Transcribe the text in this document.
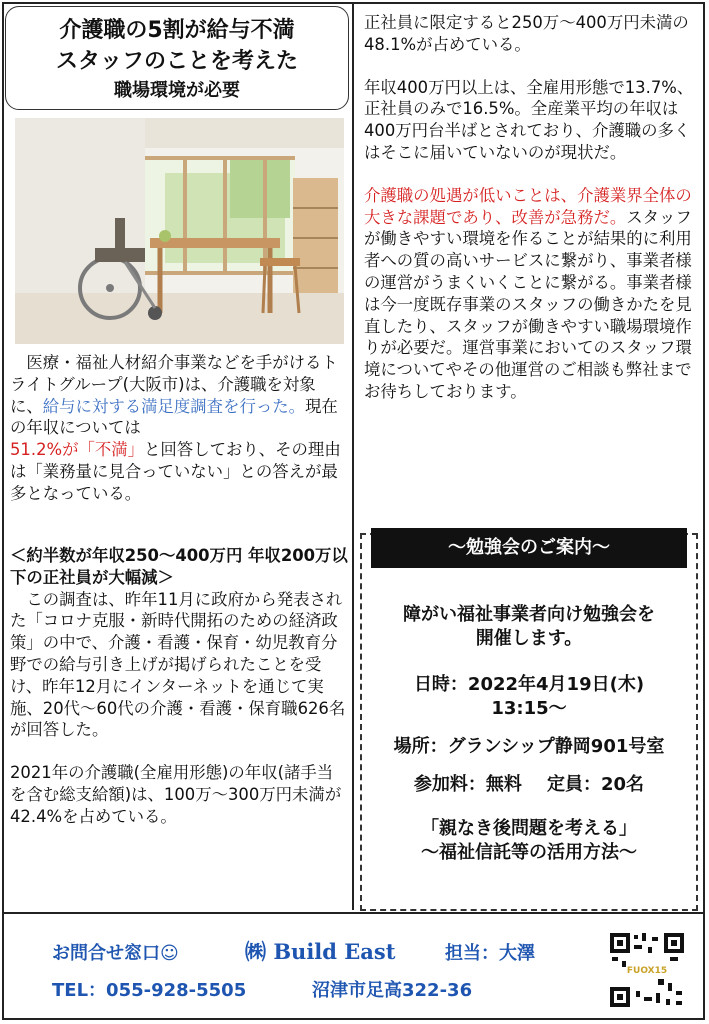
介護職の5割が給与不満
スタッフのことを考えた
職場環境が必要

　医療・福祉人材紹介事業などを手がけるトライトグループ(大阪市)は、介護職を対象に、給与に対する満足度調査を行った。現在の年収については
51.2%が「不満」と回答しており、その理由は「業務量に見合っていない」との答えが最多となっている。

＜約半数が年収250～400万円 年収200万以下の正社員が大幅減＞

　この調査は、昨年11月に政府から発表された「コロナ克服・新時代開拓のための経済政策」の中で、介護・看護・保育・幼児教育分野での給与引き上げが掲げられたことを受け、昨年12月にインターネットを通じて実施、20代～60代の介護・看護・保育職626名が回答した。

2021年の介護職(全雇用形態)の年収(諸手当を含む総支給額)は、100万～300万円未満が42.4%を占めている。

正社員に限定すると250万～400万円未満の48.1%が占めている。

年収400万円以上は、全雇用形態で13.7%、正社員のみで16.5%。全産業平均の年収は400万円台半ばとされており、介護職の多くはそこに届いていないのが現状だ。

介護職の処遇が低いことは、介護業界全体の大きな課題であり、改善が急務だ。スタッフが働きやすい環境を作ることが結果的に利用者への質の高いサービスに繋がり、事業者様の運営がうまくいくことに繋がる。事業者様は今一度既存事業のスタッフの働きかたを見直したり、スタッフが働きやすい職場環境作りが必要だ。運営事業においてのスタッフ環境についてやその他運営のご相談も弊社までお待ちしております。

障がい福祉事業者向け勉強会を
開催します。
日時：2022年4月19日(木)
13:15～
場所：グランシップ静岡901号室
参加料：無料 定員：20名
「親なき後問題を考える」
～福祉信託等の活用方法～
～勉強会のご案内～
お問合せ窓口☺	㈱ Build East	担当：大澤
TEL：055-928-5505	沼津市足高322-36
FUOX15
